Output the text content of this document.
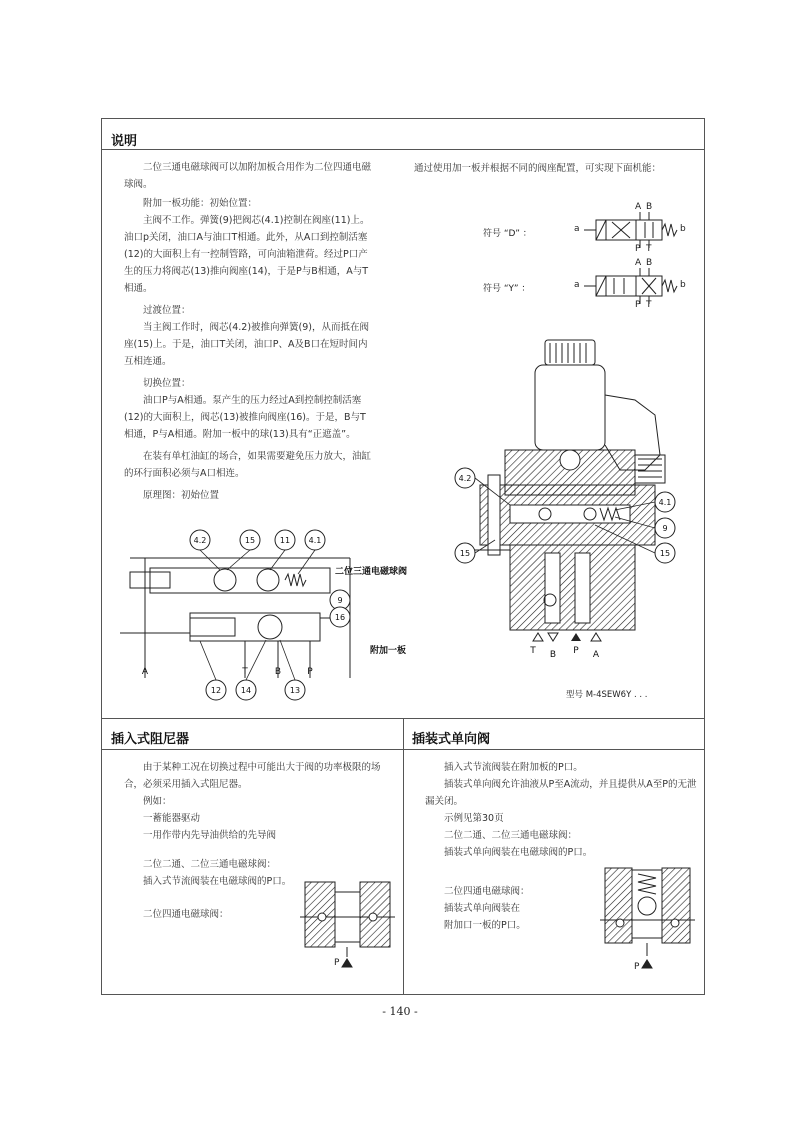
说明

二位三通电磁球阀可以加附加板合用作为二位四通电磁球阀。

附加一板功能：初始位置：

主阀不工作。弹簧(9)把阀芯(4.1)控制在阀座(11)上。油口p关闭，油口A与油口T相通。此外，从A口到控制活塞(12)的大面积上有一控制管路，可向油箱泄荷。经过P口产生的压力将阀芯(13)推向阀座(14)，于是P与B相通，A与T相通。

过渡位置：

当主阀工作时，阀芯(4.2)被推向弹簧(9)，从而抵在阀座(15)上。于是，油口T关闭，油口P、A及B口在短时间内互相连通。

切换位置：

油口P与A相通。泵产生的压力经过A到控制控制活塞(12)的大面积上，阀芯(13)被推向阀座(16)。于是，B与T相通，P与A相通。附加一板中的球(13)具有“正遮盖”。

在装有单杠油缸的场合，如果需要避免压力放大，油缸的环行面积必须与A口相连。

原理图：初始位置

通过使用加一板并根据不同的阀座配置，可实现下面机能：
符号 “D” ：
符号 “Y” ：
a	b
A B
P T
a	b
A B
P T
4.2
4.1
9
15
15
T B P A
型号 M-4SEW6Y . . .
4.2	15	11 4.1
9
16
12 14	13
A	T	B	P
二位三通电磁球阀
附加一板
插入式阻尼器	插装式单向阀

由于某种工况在切换过程中可能出大于阀的功率极限的场合，必须采用插入式阻尼器。

例如：

一蓄能器驱动

一用作带内先导油供给的先导阀

二位二通、二位三通电磁球阀：

插入式节流阀装在电磁球阀的P口。

二位四通电磁球阀：

P

插入式节流阀装在附加板的P口。

插装式单向阀允许油液从P至A流动，并且提供从A至P的无泄漏关闭。

示例见第30页

二位二通、二位三通电磁球阀：

插装式单向阀装在电磁球阀的P口。

二位四通电磁球阀：

插装式单向阀装在

附加口一板的P口。

P
- 140 -
